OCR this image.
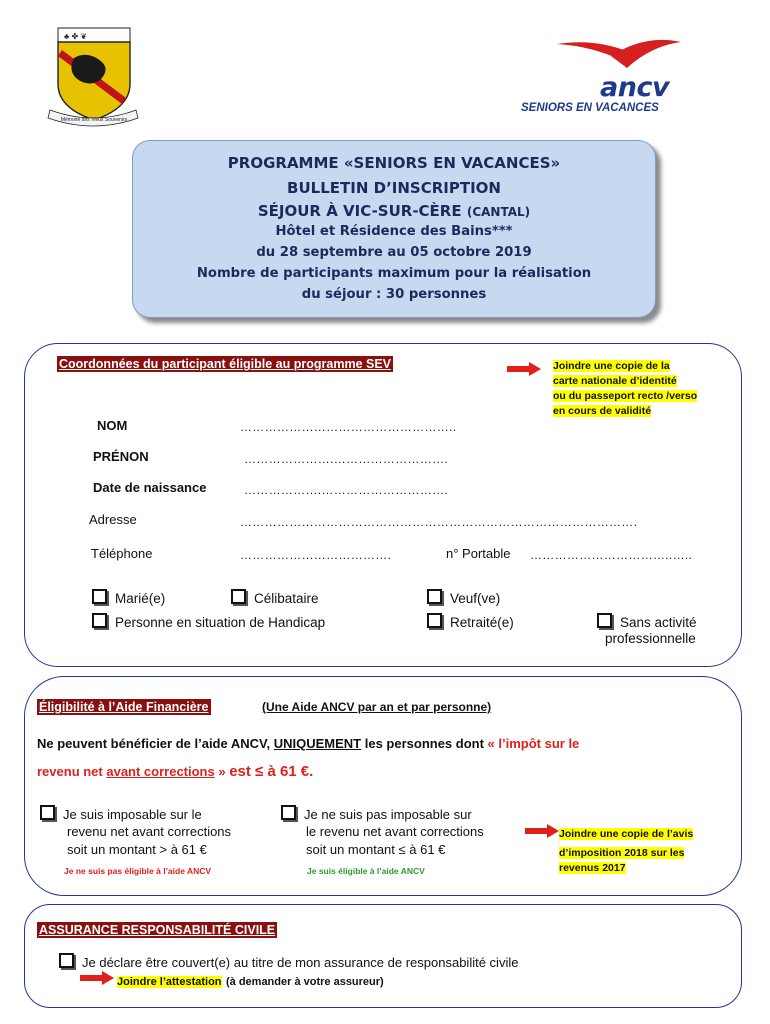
♣ ✤ ❦
Mémoire des Vieux Souvenirs
ancv
SENIORS EN VACANCES
PROGRAMME «SENIORS EN VACANCES»
BULLETIN D’INSCRIPTION
SÉJOUR À VIC-SUR-CÈRE (CANTAL)
Hôtel et Résidence des Bains***
du 28 septembre au 05 octobre 2019
Nombre de participants maximum pour la réalisation
du séjour : 30 personnes
Coordonnées du participant éligible au programme SEV	Joindre une copie de la
carte nationale d’identité
ou du passeport recto /verso
en cours de validité
NOM	……………………………………………..
PRÉNON	………………….……………………….
Date de naissance	……………….………………………….
Adresse	…………………………………………………………………………………….
Téléphone	……………………………….	n° Portable ……………………………..…..
Marié(e)	Célibataire	Veuf(ve)
Personne en situation de Handicap	Retraité(e)	Sans activité
professionnelle
Éligibilité à l’Aide Financière	(Une Aide ANCV par an et par personne)
Ne peuvent bénéficier de l’aide ANCV, UNIQUEMENT les personnes dont « l’impôt sur le
revenu net avant corrections » est ≤ à 61 €.
Je suis imposable sur le
revenu net avant corrections
soit un montant > à 61 €
Je ne suis pas éligible à l’aide ANCV
Je ne suis pas imposable sur
le revenu net avant corrections
soit un montant ≤ à 61 €
Je suis éligible à l’aide ANCV
Joindre une copie de l’avis
d’imposition 2018 sur les
revenus 2017
ASSURANCE RESPONSABILITÉ CIVILE
Je déclare être couvert(e) au titre de mon assurance de responsabilité civile
Joindre l’attestation (à demander à votre assureur)
